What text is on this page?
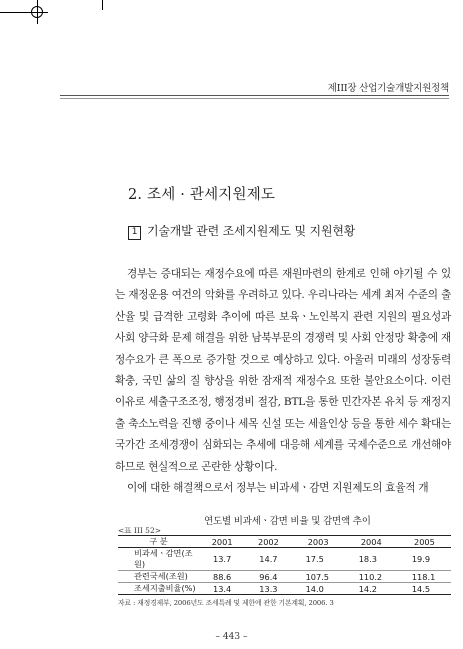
제III장 산업기술개발지원정책
2. 조세 · 관세지원제도
1 기술개발 관련 조세지원제도 및 지원현황

경부는 증대되는 재정수요에 따른 재원마련의 한계로 인해 야기될 수 있는 재정운용 여건의 악화를 우려하고 있다. 우리나라는 세계 최저 수준의 출산율 및 급격한 고령화 추이에 따른 보육ㆍ노인복지 관련 지원의 필요성과 사회 양극화 문제 해결을 위한 남북부문의 경쟁력 및 사회 안정망 확충에 재정수요가 큰 폭으로 증가할 것으로 예상하고 있다. 아울러 미래의 성장동력 확충, 국민 삶의 질 향상을 위한 잠재적 재정수요 또한 불안요소이다. 이런 이유로 세출구조조정, 행정경비 절감, BTL을 통한 민간자본 유치 등 재정지출 축소노력을 진행 중이나 세목 신설 또는 세율인상 등을 통한 세수 확대는 국가간 조세경쟁이 심화되는 추세에 대응해 세계를 국제수준으로 개선해야 하므로 현실적으로 곤란한 상황이다.

이에 대한 해결책으로서 정부는 비과세ㆍ감면 지원제도의 효율적 개

연도별 비과세ㆍ감면 비율 및 감면액 추이
<표 III 52>
구 분	2001	2002	2003	2004	2005
비과세ㆍ감면(조원)	13.7	14.7	17.5	18.3	19.9
관련국세(조원)	88.6	96.4	107.5	110.2	118.1
조세지출비율(%)	13.4	13.3	14.0	14.2	14.5
자료 : 재정경제부, 2006년도 조세특례 및 제한에 관한 기본계획, 2006. 3
– 443 –
